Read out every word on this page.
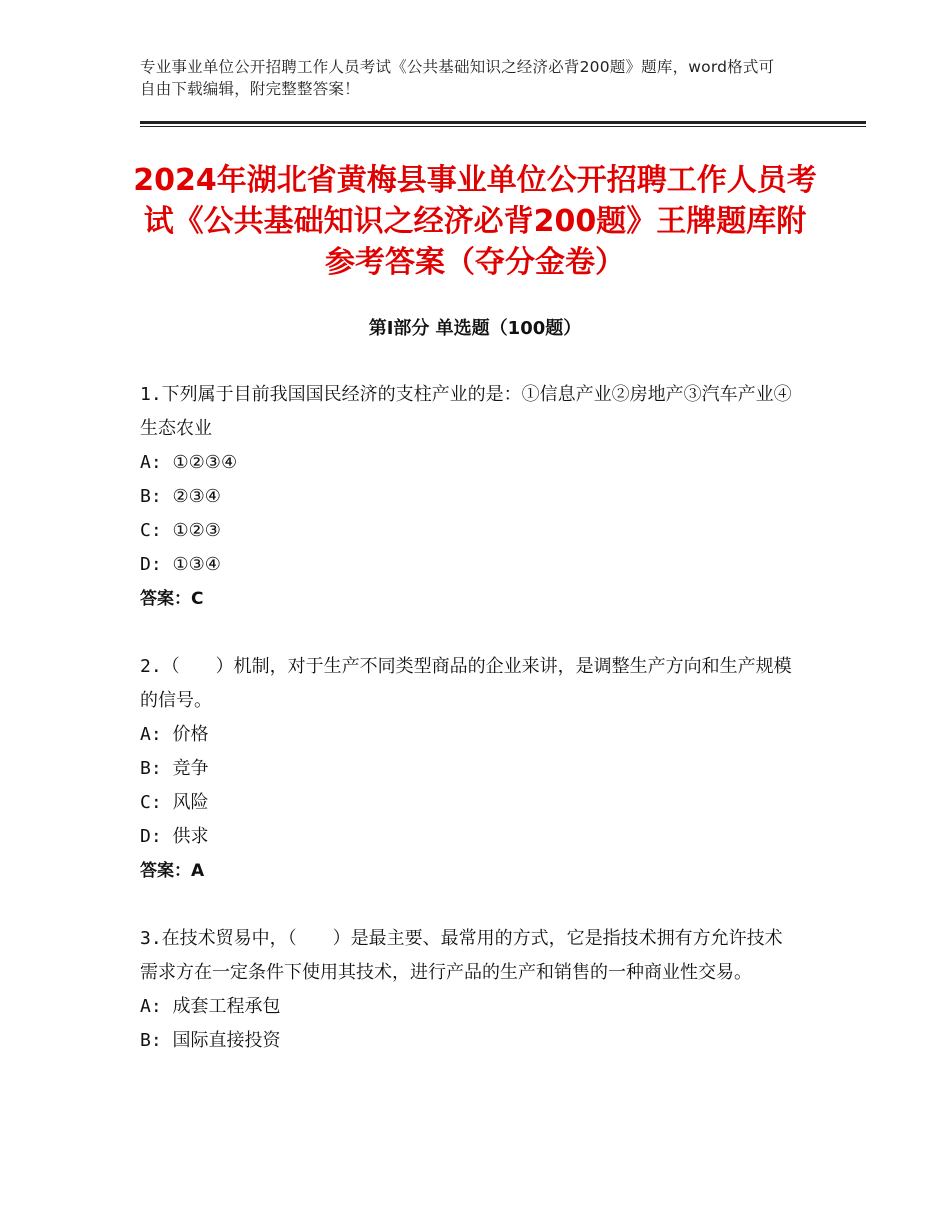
专业事业单位公开招聘工作人员考试《公共基础知识之经济必背200题》题库，word格式可自由下载编辑，附完整整答案！
2024年湖北省黄梅县事业单位公开招聘工作人员考试《公共基础知识之经济必背200题》王牌题库附参考答案（夺分金卷）
第Ⅰ部分 单选题（100题）

1.下列属于目前我国国民经济的支柱产业的是：①信息产业②房地产③汽车产业④生态农业

A: ①②③④
B: ②③④
C: ①②③
D: ①③④
答案：C

2.（　　）机制，对于生产不同类型商品的企业来讲，是调整生产方向和生产规模的信号。

A: 价格
B: 竞争
C: 风险
D: 供求
答案：A

3.在技术贸易中，（　　）是最主要、最常用的方式，它是指技术拥有方允许技术需求方在一定条件下使用其技术，进行产品的生产和销售的一种商业性交易。

A: 成套工程承包
B: 国际直接投资
